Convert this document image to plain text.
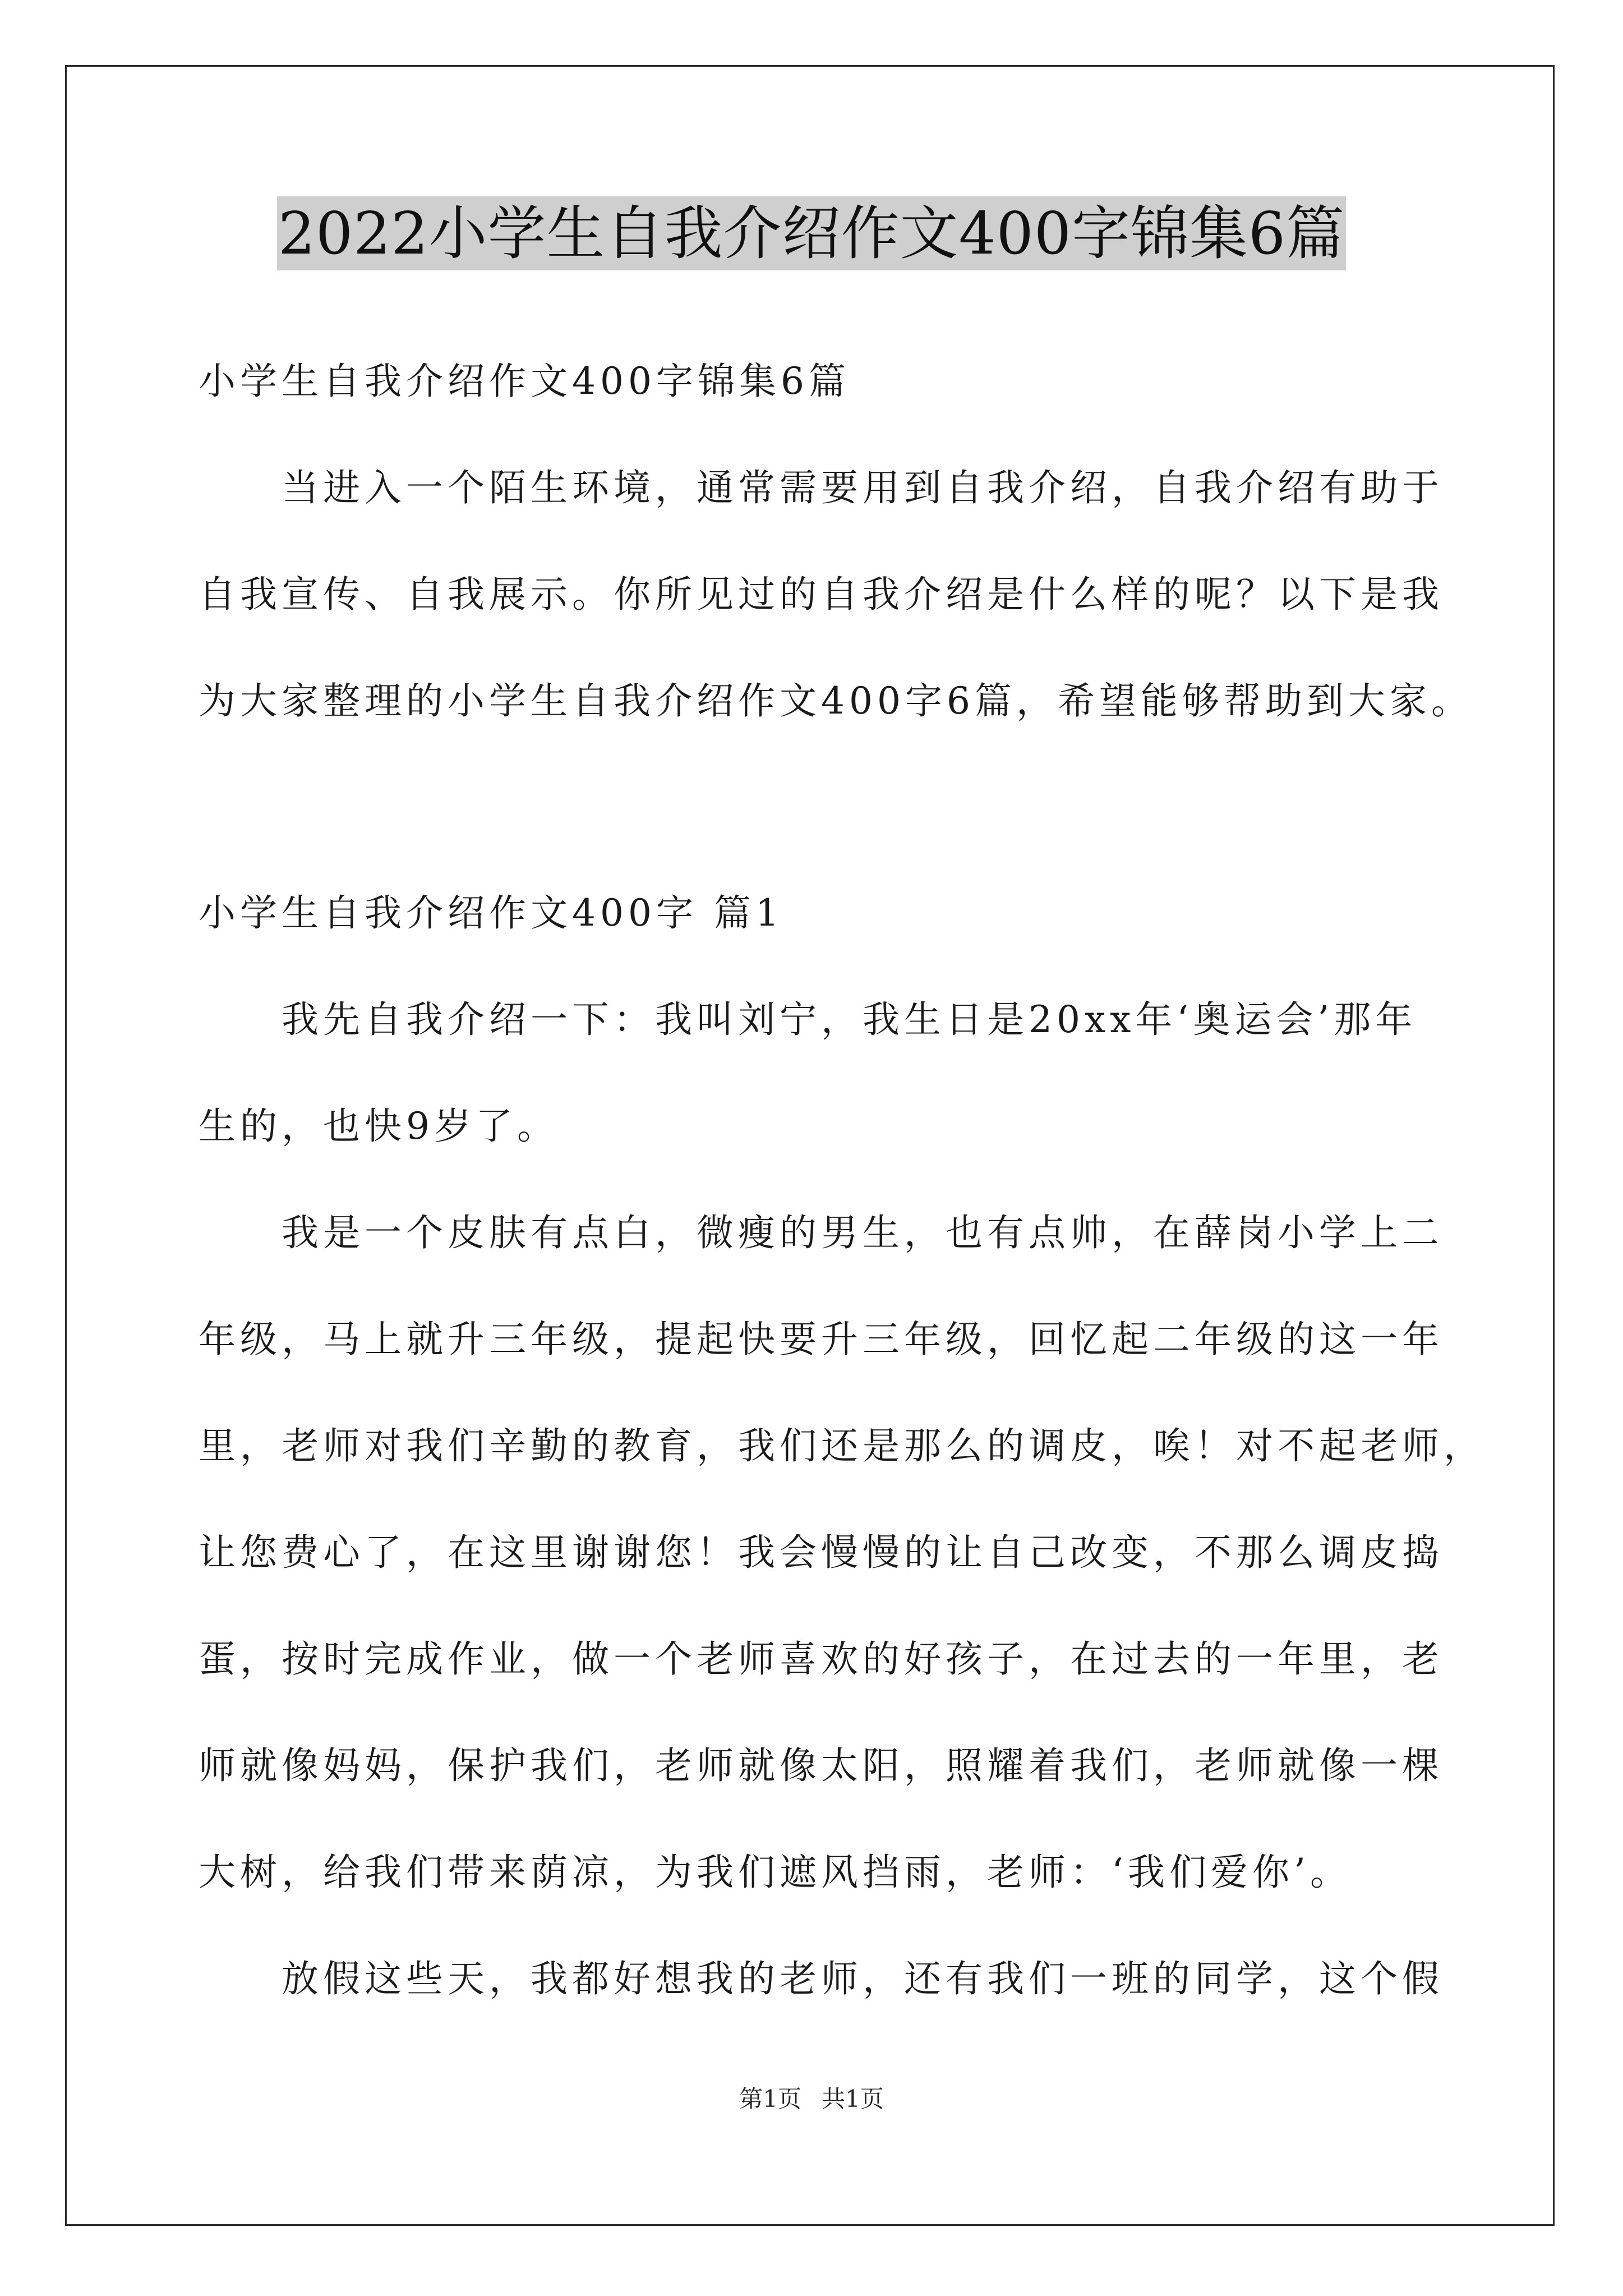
2022小学生自我介绍作文400字锦集6篇
小学生自我介绍作文400字锦集6篇
当进入一个陌生环境，通常需要用到自我介绍，自我介绍有助于
自我宣传、自我展示。你所见过的自我介绍是什么样的呢？以下是我
为大家整理的小学生自我介绍作文400字6篇，希望能够帮助到大家。
小学生自我介绍作文400字 篇1
我先自我介绍一下：我叫刘宁，我生日是20xx年‘奥运会’那年
生的，也快9岁了。
我是一个皮肤有点白，微瘦的男生，也有点帅，在薛岗小学上二
年级，马上就升三年级，提起快要升三年级，回忆起二年级的这一年
里，老师对我们辛勤的教育，我们还是那么的调皮，唉！对不起老师，
让您费心了，在这里谢谢您！我会慢慢的让自己改变，不那么调皮捣
蛋，按时完成作业，做一个老师喜欢的好孩子，在过去的一年里，老
师就像妈妈，保护我们，老师就像太阳，照耀着我们，老师就像一棵
大树，给我们带来荫凉，为我们遮风挡雨，老师：‘我们爱你’。
放假这些天，我都好想我的老师，还有我们一班的同学，这个假
第1页 共1页
